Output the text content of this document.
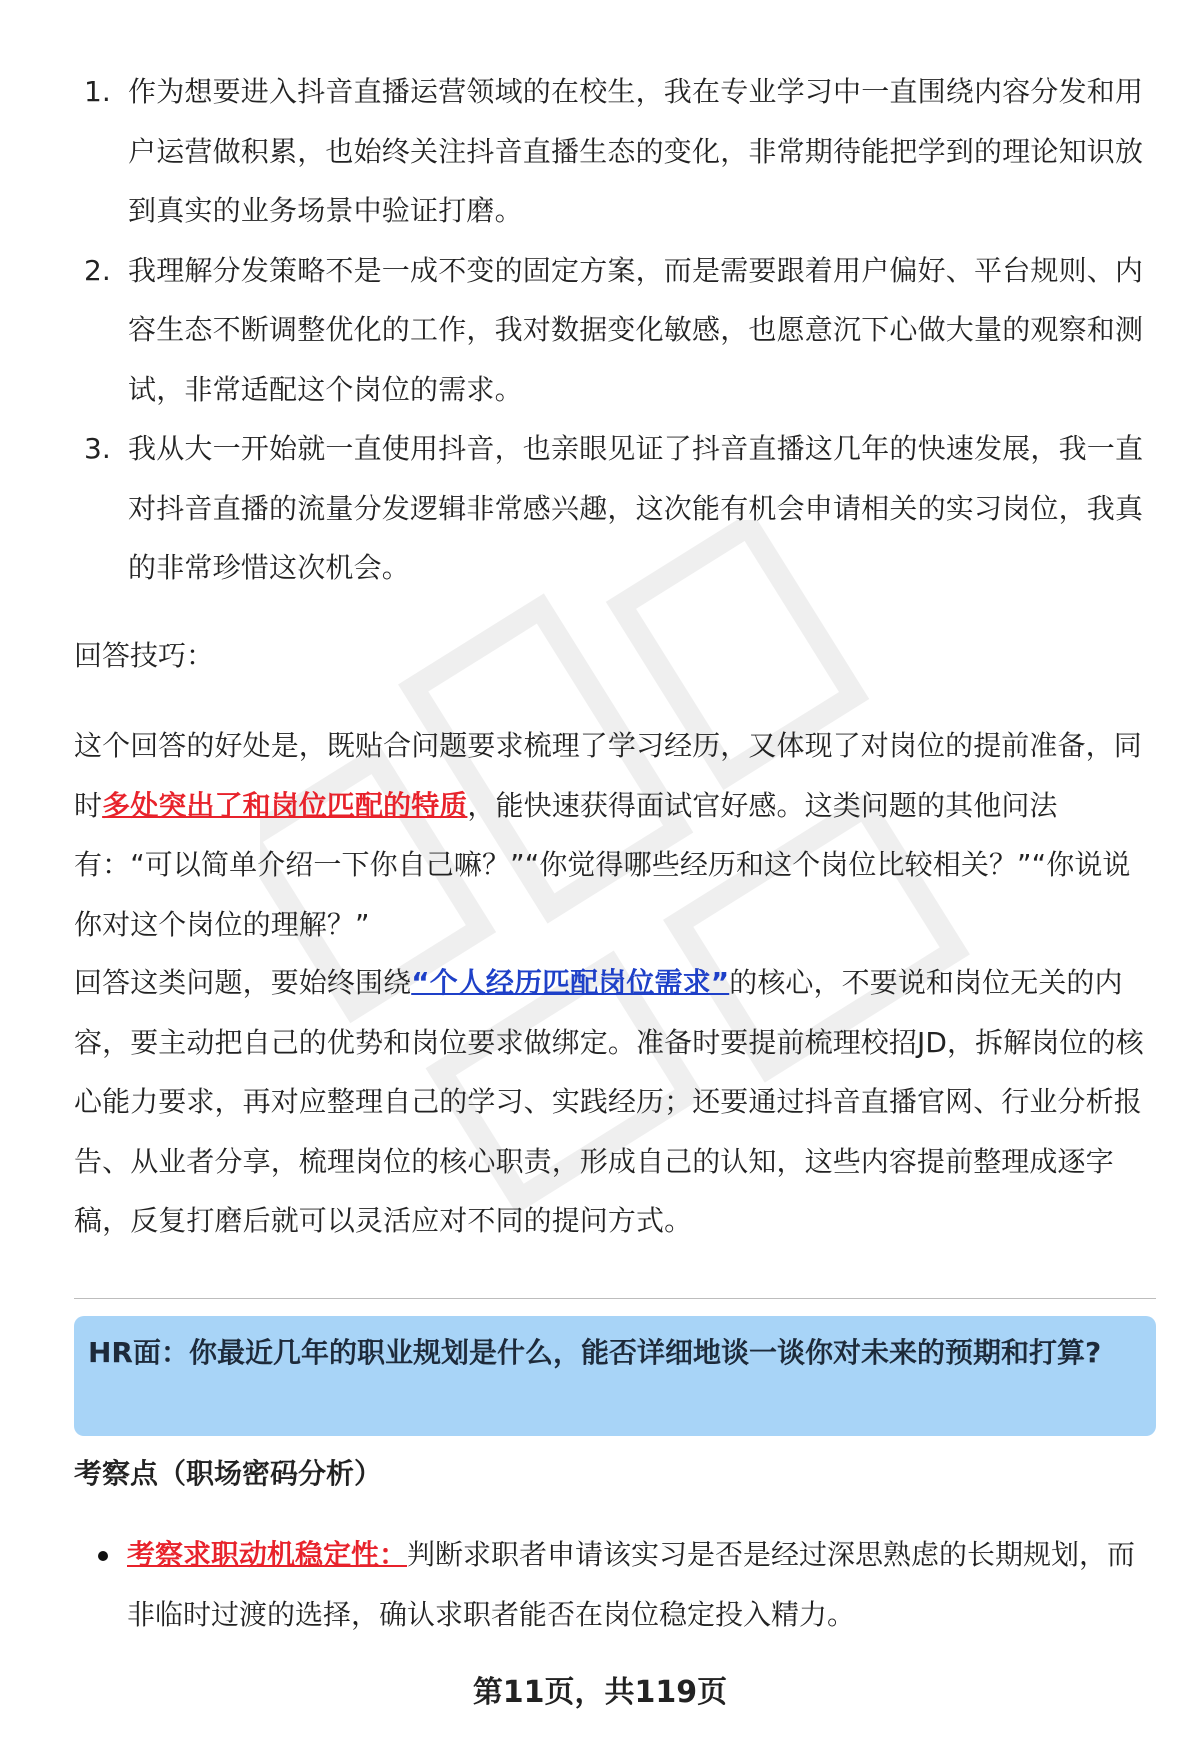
1. 作为想要进入抖音直播运营领域的在校生，我在专业学习中一直围绕内容分发和用户运营做积累，也始终关注抖音直播生态的变化，非常期待能把学到的理论知识放到真实的业务场景中验证打磨。
2. 我理解分发策略不是一成不变的固定方案，而是需要跟着用户偏好、平台规则、内容生态不断调整优化的工作，我对数据变化敏感，也愿意沉下心做大量的观察和测试，非常适配这个岗位的需求。
3. 我从大一开始就一直使用抖音，也亲眼见证了抖音直播这几年的快速发展，我一直对抖音直播的流量分发逻辑非常感兴趣，这次能有机会申请相关的实习岗位，我真的非常珍惜这次机会。
回答技巧：
这个回答的好处是，既贴合问题要求梳理了学习经历，又体现了对岗位的提前准备，同时多处突出了和岗位匹配的特质，能快速获得面试官好感。这类问题的其他问法有：“可以简单介绍一下你自己嘛？”“你觉得哪些经历和这个岗位比较相关？”“你说说你对这个岗位的理解？”
回答这类问题，要始终围绕“个人经历匹配岗位需求”的核心，不要说和岗位无关的内容，要主动把自己的优势和岗位要求做绑定。准备时要提前梳理校招JD，拆解岗位的核心能力要求，再对应整理自己的学习、实践经历；还要通过抖音直播官网、行业分析报告、从业者分享，梳理岗位的核心职责，形成自己的认知，这些内容提前整理成逐字稿，反复打磨后就可以灵活应对不同的提问方式。
HR面：你最近几年的职业规划是什么，能否详细地谈一谈你对未来的预期和打算?
考察点（职场密码分析）
考察求职动机稳定性：判断求职者申请该实习是否是经过深思熟虑的长期规划，而非临时过渡的选择，确认求职者能否在岗位稳定投入精力。
第11页，共119页
